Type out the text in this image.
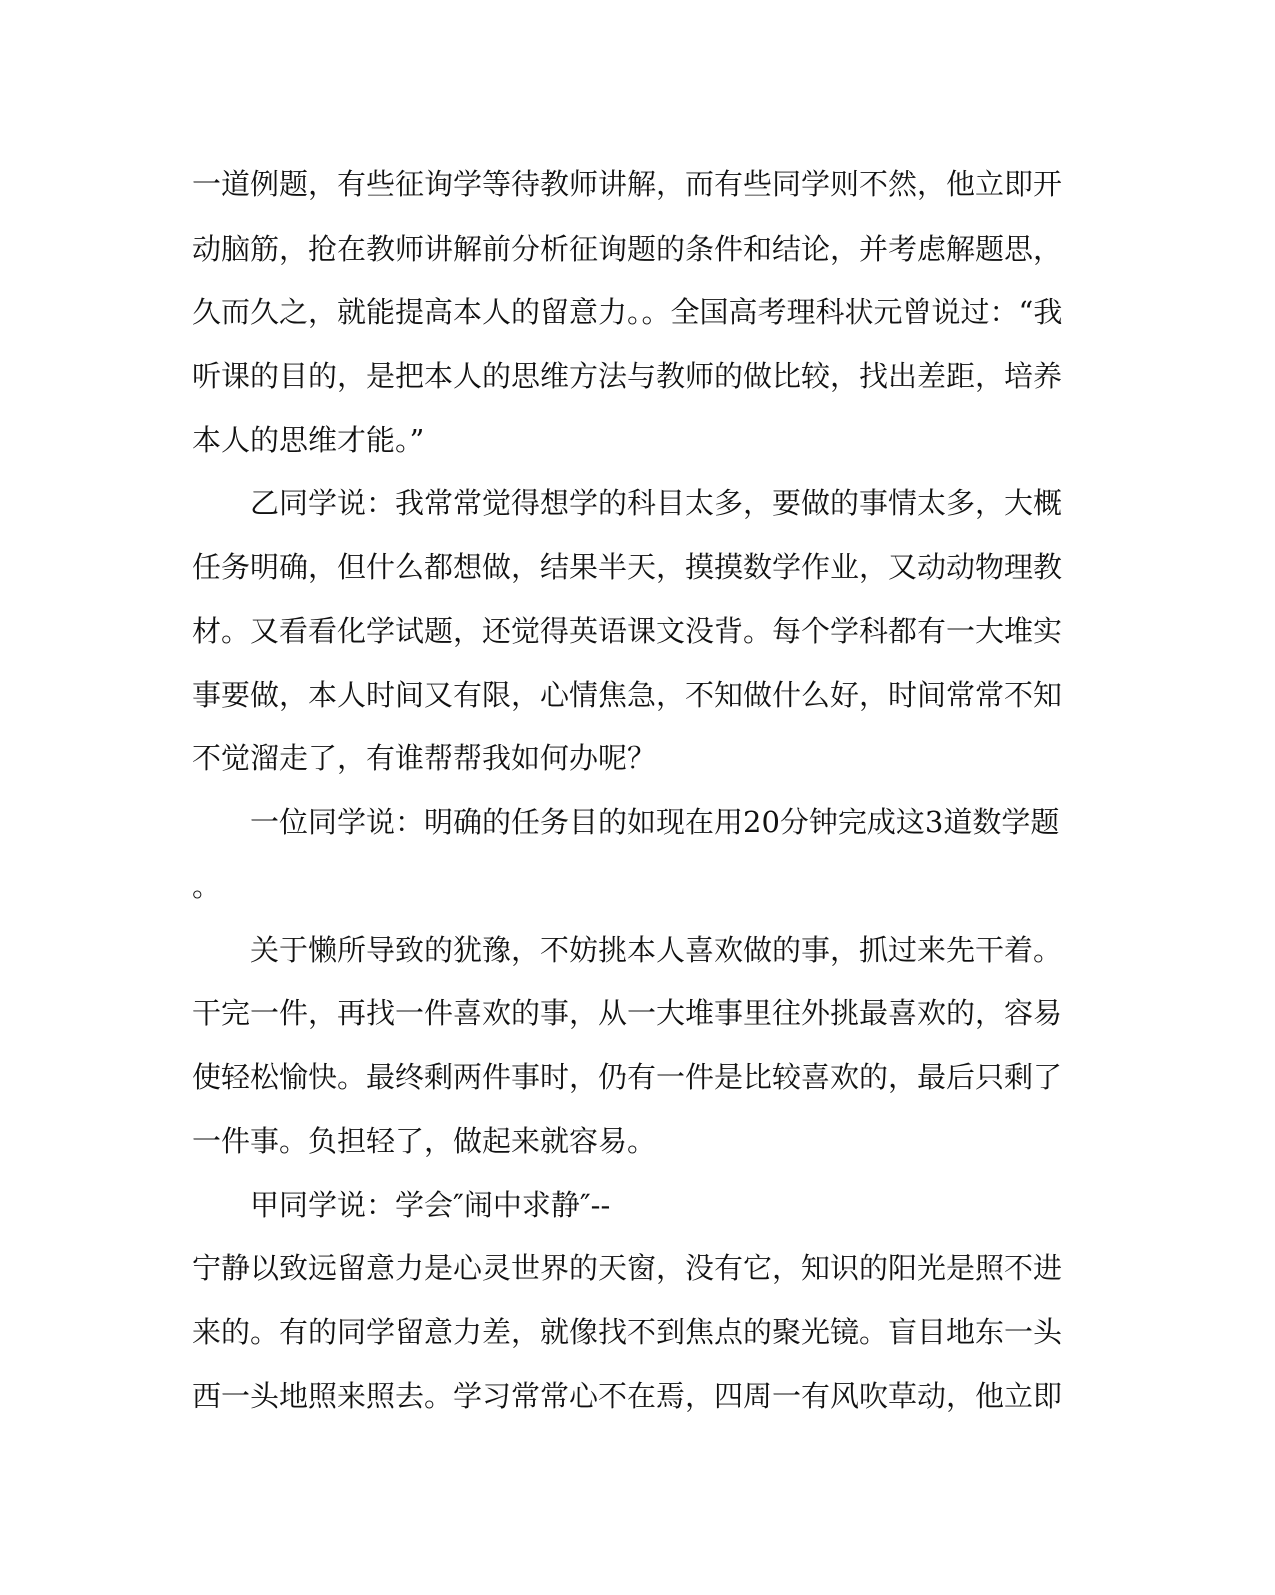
一道例题，有些征询学等待教师讲解，而有些同学则不然，他立即开
动脑筋，抢在教师讲解前分析征询题的条件和结论，并考虑解题思，
久而久之，就能提高本人的留意力。。全国高考理科状元曾说过：“我
听课的目的，是把本人的思维方法与教师的做比较，找出差距，培养
本人的思维才能。”
乙同学说：我常常觉得想学的科目太多，要做的事情太多，大概
任务明确，但什么都想做，结果半天，摸摸数学作业，又动动物理教
材。又看看化学试题，还觉得英语课文没背。每个学科都有一大堆实
事要做，本人时间又有限，心情焦急，不知做什么好，时间常常不知
不觉溜走了，有谁帮帮我如何办呢？
一位同学说：明确的任务目的如现在用20分钟完成这3道数学题
。
关于懒所导致的犹豫，不妨挑本人喜欢做的事，抓过来先干着。
干完一件，再找一件喜欢的事，从一大堆事里往外挑最喜欢的，容易
使轻松愉快。最终剩两件事时，仍有一件是比较喜欢的，最后只剩了
一件事。负担轻了，做起来就容易。
甲同学说：学会″闹中求静″--
宁静以致远留意力是心灵世界的天窗，没有它，知识的阳光是照不进
来的。有的同学留意力差，就像找不到焦点的聚光镜。盲目地东一头
西一头地照来照去。学习常常心不在焉，四周一有风吹草动，他立即
